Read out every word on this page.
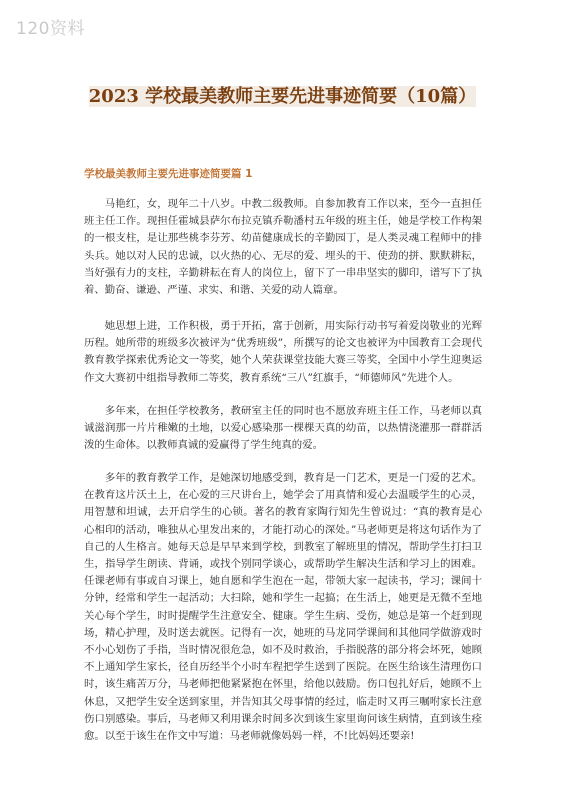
120资料
2023 学校最美教师主要先进事迹简要（10篇）
学校最美教师主要先进事迹简要篇 1

马艳红，女，现年二十八岁。中教二级教师。自参加教育工作以来，至今一直担任班主任工作。现担任霍城县萨尔布拉克镇乔勒潘村五年级的班主任，她是学校工作构架的一根支柱，是让那些桃李芬芳、幼苗健康成长的辛勤园丁，是人类灵魂工程师中的排头兵。她以对人民的忠诚，以火热的心、无尽的爱、埋头的干、使劲的拼、默默耕耘，当好强有力的支柱，辛勤耕耘在育人的岗位上，留下了一串串坚实的脚印，谱写下了执着、勤奋、谦逊、严谨、求实、和谐、关爱的动人篇章。

她思想上进，工作积极，勇于开拓，富于创新，用实际行动书写着爱岗敬业的光辉历程。她所带的班级多次被评为“优秀班级”，所撰写的论文也被评为中国教育工会现代教育教学探索优秀论文一等奖，她个人荣获课堂技能大赛三等奖，全国中小学生迎奥运作文大赛初中组指导教师二等奖，教育系统“三八”红旗手，“师德师风”先进个人。

多年来，在担任学校教务，教研室主任的同时也不愿放弃班主任工作，马老师以真诚滋润那一片片稚嫩的土地，以爱心感染那一棵棵天真的幼苗，以热情浇灌那一群群活泼的生命体。以教师真诚的爱赢得了学生纯真的爱。

多年的教育教学工作，是她深切地感受到，教育是一门艺术，更是一门爱的艺术。在教育这片沃土上，在心爱的三尺讲台上，她学会了用真情和爱心去温暖学生的心灵，用智慧和坦诚，去开启学生的心锁。著名的教育家陶行知先生曾说过：“真的教育是心心相印的活动，唯独从心里发出来的，才能打动心的深处。”马老师更是将这句话作为了自己的人生格言。她每天总是早早来到学校，到教室了解班里的情况，帮助学生打扫卫生，指导学生朗读、背诵，或找个别同学谈心，或帮助学生解决生活和学习上的困难。任课老师有事或自习课上，她自愿和学生泡在一起，带领大家一起读书，学习；课间十分钟，经常和学生一起活动；大扫除，她和学生一起搞；在生活上，她更是无微不至地关心每个学生，时时提醒学生注意安全、健康。学生生病、受伤，她总是第一个赶到现场，精心护理，及时送去就医。记得有一次，她班的马龙同学课间和其他同学做游戏时不小心划伤了手指，当时情况很危急，如不及时救治，手指脱落的部分将会坏死，她顾不上通知学生家长，径自历经半个小时车程把学生送到了医院。在医生给该生清理伤口时，该生痛苦万分，马老师把他紧紧抱在怀里，给他以鼓励。伤口包扎好后，她顾不上休息，又把学生安全送到家里，并告知其父母事情的经过，临走时又再三嘱咐家长注意伤口别感染。事后，马老师又利用课余时间多次到该生家里询问该生病情，直到该生痊愈。以至于该生在作文中写道：马老师就像妈妈一样，不!比妈妈还要亲!
